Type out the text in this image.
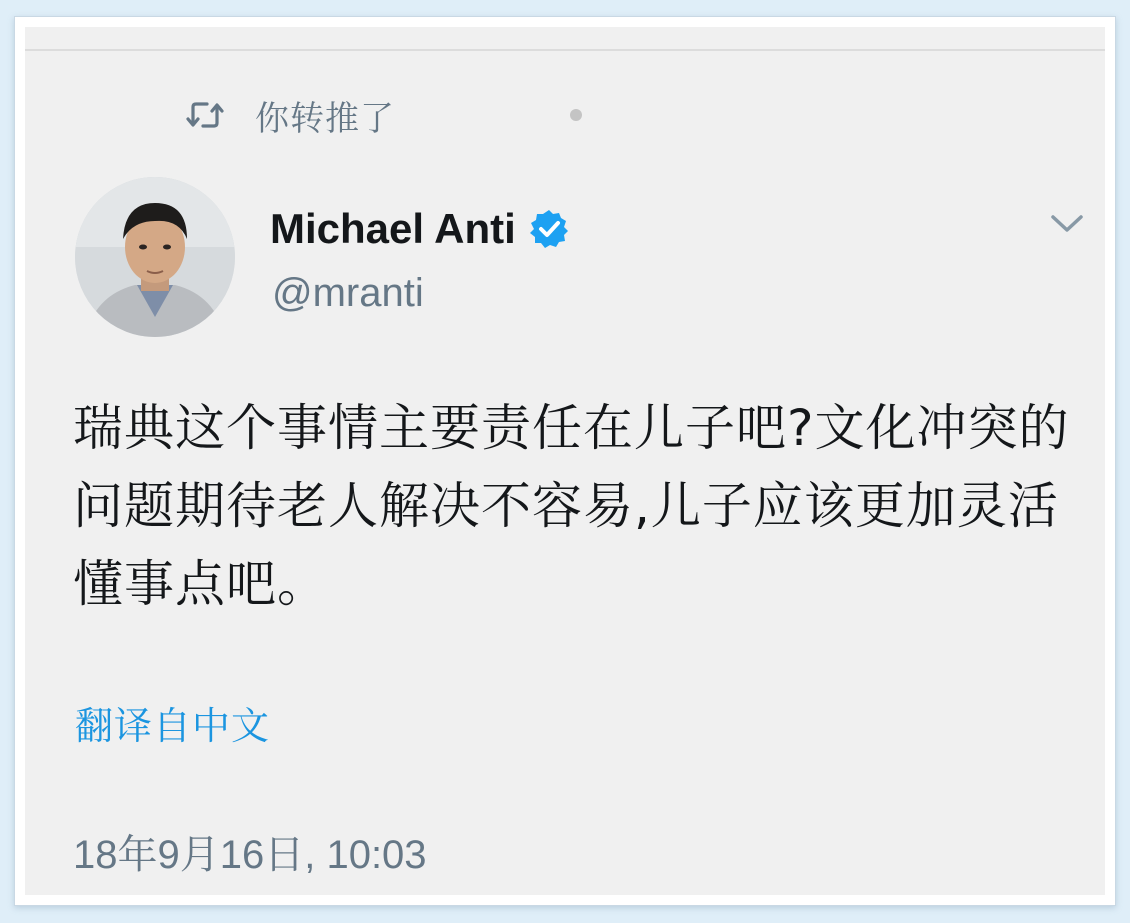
你转推了
Michael Anti
@mranti

瑞典这个事情主要责任在儿子吧?文化冲突的问题期待老人解决不容易,儿子应该更加灵活懂事点吧。

翻译自中文
18年9月16日, 10:03
